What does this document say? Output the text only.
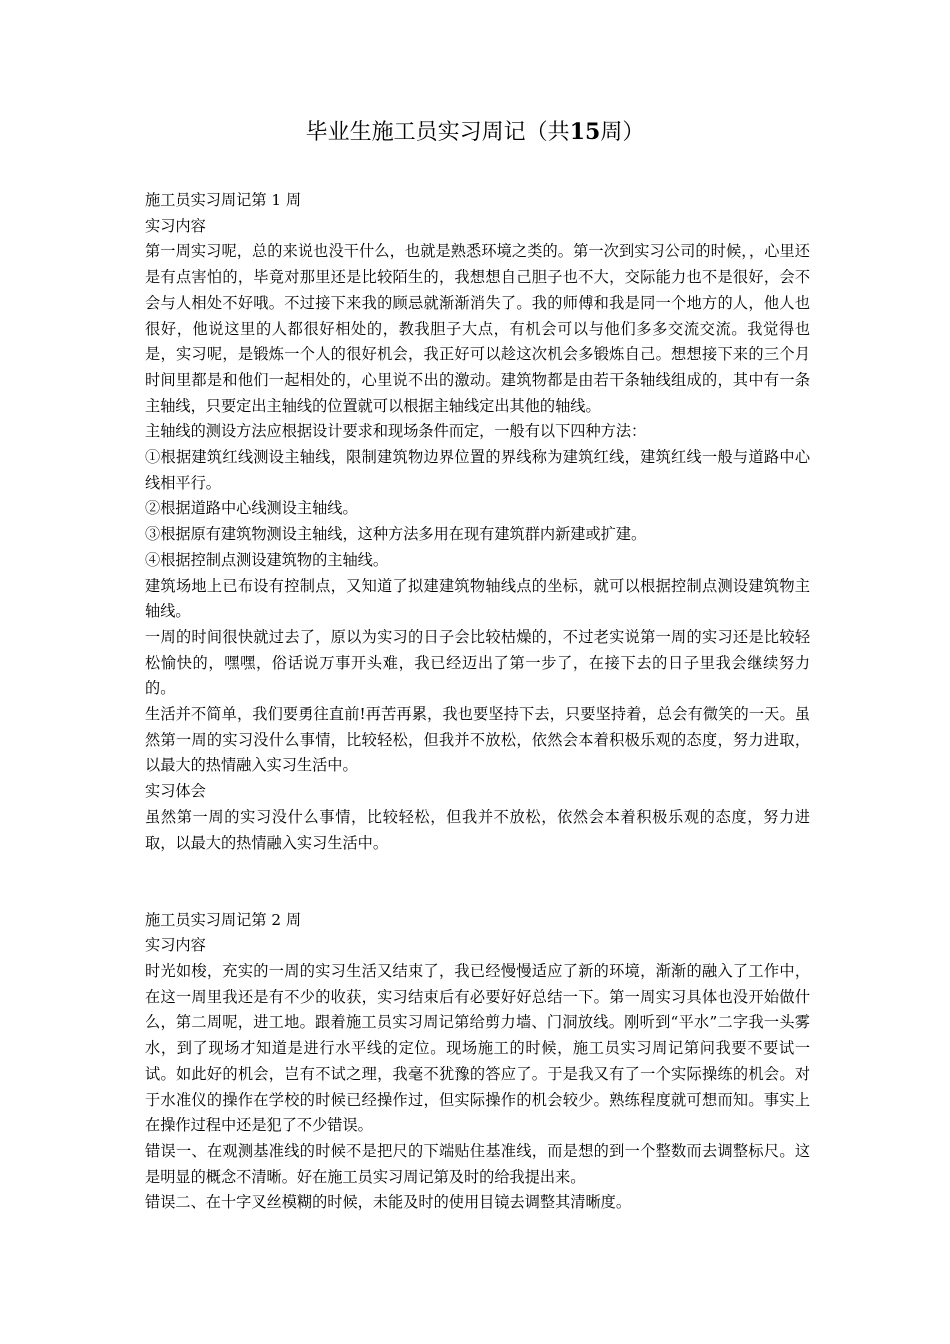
毕业生施工员实习周记（共15周）

施工员实习周记第 1 周

实习内容

第一周实习呢，总的来说也没干什么，也就是熟悉环境之类的。第一次到实习公司的时候，，心里还是有点害怕的，毕竟对那里还是比较陌生的，我想想自己胆子也不大，交际能力也不是很好，会不会与人相处不好哦。不过接下来我的顾忌就渐渐消失了。我的师傅和我是同一个地方的人，他人也很好，他说这里的人都很好相处的，教我胆子大点，有机会可以与他们多多交流交流。我觉得也是，实习呢，是锻炼一个人的很好机会，我正好可以趁这次机会多锻炼自己。想想接下来的三个月时间里都是和他们一起相处的，心里说不出的激动。建筑物都是由若干条轴线组成的，其中有一条主轴线，只要定出主轴线的位置就可以根据主轴线定出其他的轴线。

主轴线的测设方法应根据设计要求和现场条件而定，一般有以下四种方法：

①根据建筑红线测设主轴线，限制建筑物边界位置的界线称为建筑红线，建筑红线一般与道路中心线相平行。

②根据道路中心线测设主轴线。

③根据原有建筑物测设主轴线，这种方法多用在现有建筑群内新建或扩建。

④根据控制点测设建筑物的主轴线。

建筑场地上已布设有控制点，又知道了拟建建筑物轴线点的坐标，就可以根据控制点测设建筑物主轴线。

一周的时间很快就过去了，原以为实习的日子会比较枯燥的，不过老实说第一周的实习还是比较轻松愉快的，嘿嘿，俗话说万事开头难，我已经迈出了第一步了，在接下去的日子里我会继续努力的。

生活并不简单，我们要勇往直前!再苦再累，我也要坚持下去，只要坚持着，总会有微笑的一天。虽然第一周的实习没什么事情，比较轻松，但我并不放松，依然会本着积极乐观的态度，努力进取，以最大的热情融入实习生活中。

实习体会

虽然第一周的实习没什么事情，比较轻松，但我并不放松，依然会本着积极乐观的态度，努力进取，以最大的热情融入实习生活中。

施工员实习周记第 2 周

实习内容

时光如梭，充实的一周的实习生活又结束了，我已经慢慢适应了新的环境，渐渐的融入了工作中，在这一周里我还是有不少的收获，实习结束后有必要好好总结一下。第一周实习具体也没开始做什么，第二周呢，进工地。跟着施工员实习周记第给剪力墙、门洞放线。刚听到“平水”二字我一头雾水，到了现场才知道是进行水平线的定位。现场施工的时候，施工员实习周记第问我要不要试一试。如此好的机会，岂有不试之理，我毫不犹豫的答应了。于是我又有了一个实际操练的机会。对于水准仪的操作在学校的时候已经操作过，但实际操作的机会较少。熟练程度就可想而知。事实上在操作过程中还是犯了不少错误。

错误一、在观测基准线的时候不是把尺的下端贴住基准线，而是想的到一个整数而去调整标尺。这是明显的概念不清晰。好在施工员实习周记第及时的给我提出来。

错误二、在十字叉丝模糊的时候，未能及时的使用目镜去调整其清晰度。
